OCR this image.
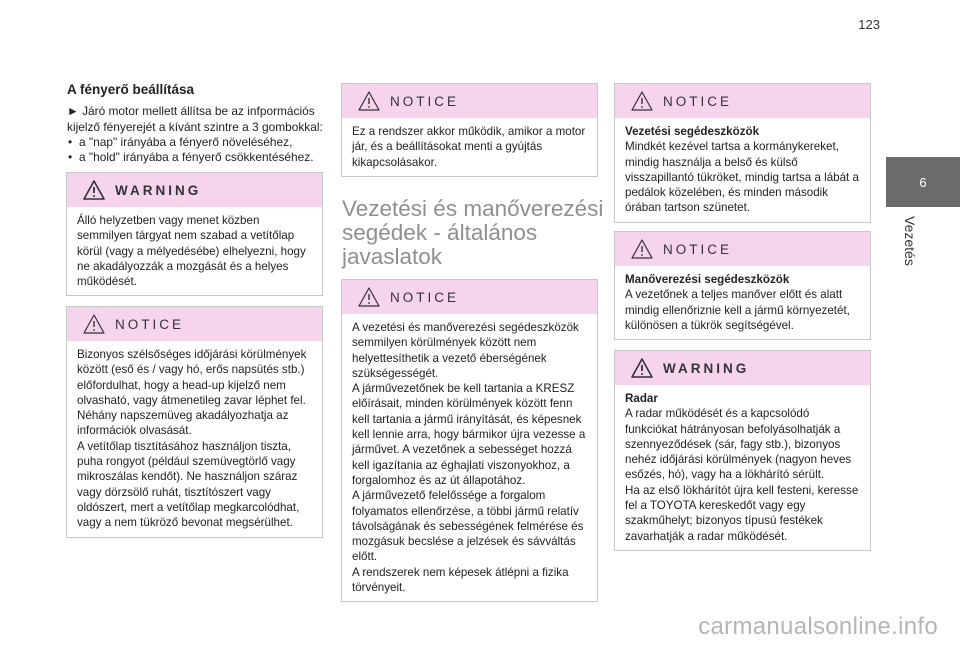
123
6
Vezetés
A fényerő beállítása

► Járó motor mellett állítsa be az infpormációs kijelző fényerejét a kívánt szintre a 3 gombokkal:

• a "nap" irányába a fényerő növeléséhez,
• a "hold" irányába a fényerő csökkentéséhez.
WARNING
Álló helyzetben vagy menet közben semmilyen tárgyat nem szabad a vetítőlap körül (vagy a mélyedésébe) elhelyezni, hogy ne akadályozzák a mozgását és a helyes működését.
NOTICE
Bizonyos szélsőséges időjárási körülmények között (eső és / vagy hó, erős napsütés stb.) előfordulhat, hogy a head-up kijelző nem olvasható, vagy átmenetileg zavar léphet fel. Néhány napszemüveg akadályozhatja az információk olvasását.
A vetítőlap tisztításához használjon tiszta, puha rongyot (például szemüvegtörlő vagy mikroszálas kendőt). Ne használjon száraz vagy dörzsölő ruhát, tisztítószert vagy oldószert, mert a vetítőlap megkarcolódhat, vagy a nem tükröző bevonat megsérülhet.
NOTICE
Ez a rendszer akkor működik, amikor a motor jár, és a beállításokat menti a gyújtás kikapcsolásakor.
Vezetési és manőverezési segédek - általános javaslatok
NOTICE
A vezetési és manőverezési segédeszközök semmilyen körülmények között nem helyettesíthetik a vezető éberségének szükségességét.
A járművezetőnek be kell tartania a KRESZ előírásait, minden körülmények között fenn kell tartania a jármű irányítását, és képesnek kell lennie arra, hogy bármikor újra vezesse a járművet. A vezetőnek a sebességet hozzá kell igazítania az éghajlati viszonyokhoz, a forgalomhoz és az út állapotához.
A járművezető felelőssége a forgalom folyamatos ellenőrzése, a többi jármű relatív távolságának és sebességének felmérése és mozgásuk becslése a jelzések és sávváltás előtt.
A rendszerek nem képesek átlépni a fizika törvényeit.
NOTICE
Vezetési segédeszközök
Mindkét kezével tartsa a kormánykereket, mindig használja a belső és külső visszapillantó tükröket, mindig tartsa a lábát a pedálok közelében, és minden második órában tartson szünetet.
NOTICE
Manőverezési segédeszközök
A vezetőnek a teljes manőver előtt és alatt mindig ellenőriznie kell a jármű környezetét, különösen a tükrök segítségével.
WARNING
Radar
A radar működését és a kapcsolódó funkciókat hátrányosan befolyásolhatják a szennyeződések (sár, fagy stb.), bizonyos nehéz időjárási körülmények (nagyon heves esőzés, hó), vagy ha a lökhárító sérült.
Ha az első lökhárítót újra kell festeni, keresse fel a TOYOTA kereskedőt vagy egy szakműhelyt; bizonyos típusú festékek zavarhatják a radar működését.
carmanualsonline.info
